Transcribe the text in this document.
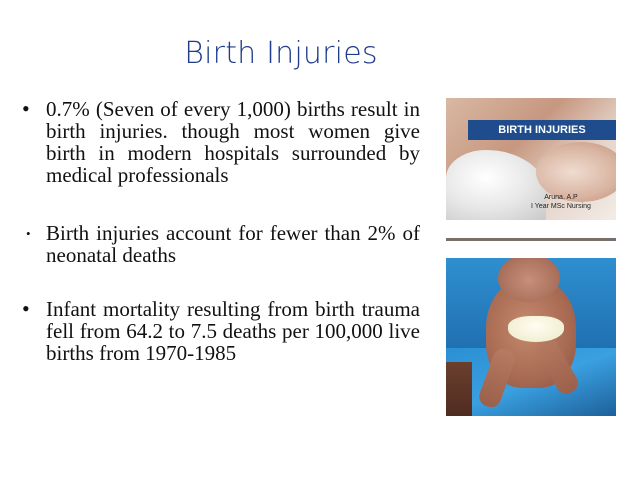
Birth Injuries
• 0.7% (Seven of every 1,000) births result in birth injuries. though most women give birth in modern hospitals surrounded by medical professionals
• Birth injuries account for fewer than 2% of neonatal deaths
• Infant mortality resulting from birth trauma fell from 64.2 to 7.5 deaths per 100,000 live births from 1970-1985
BIRTH INJURIES
Aruna. A.P
I Year MSc Nursing
